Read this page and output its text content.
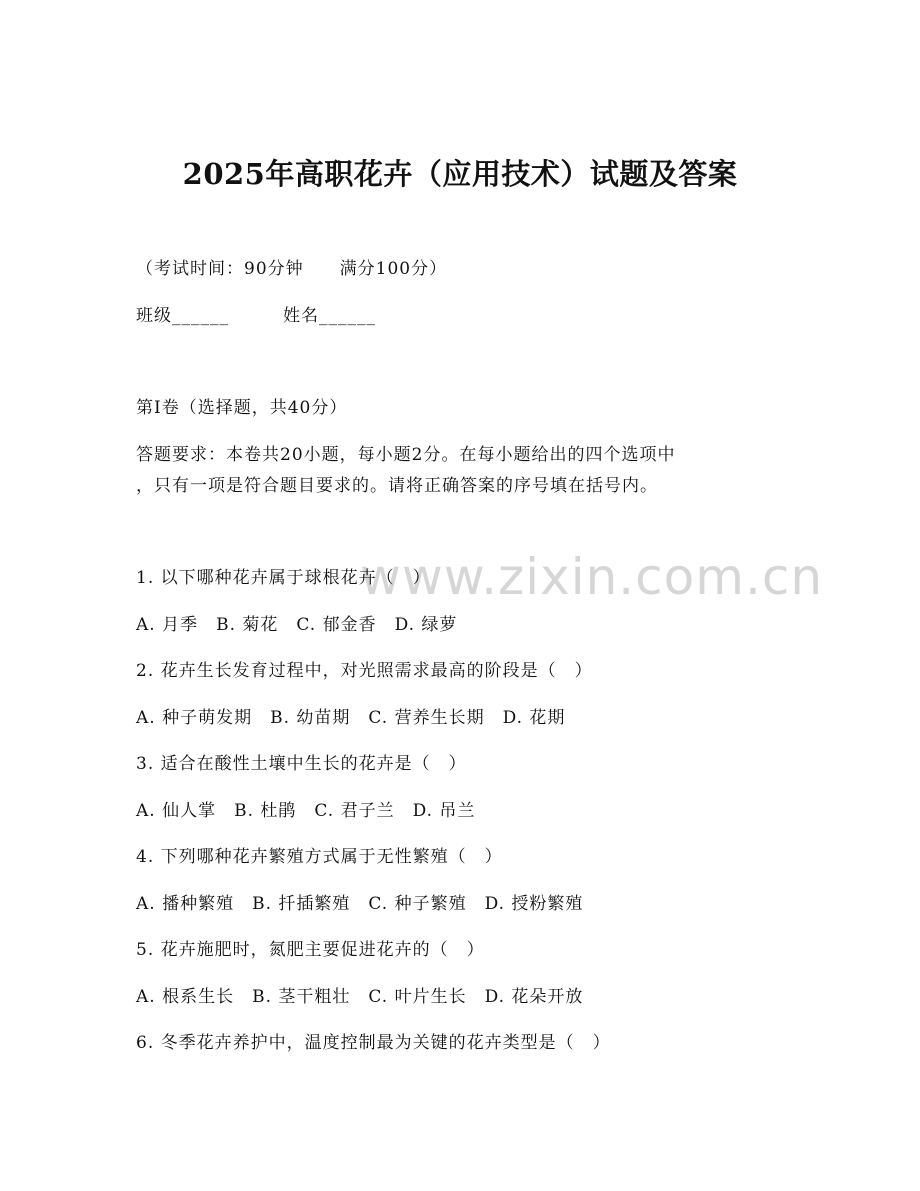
2025年高职花卉（应用技术）试题及答案
（考试时间：90分钟　　满分100分）
班级______　　　姓名______
第I卷（选择题，共40分）
答题要求：本卷共20小题，每小题2分。在每小题给出的四个选项中
，只有一项是符合题目要求的。请将正确答案的序号填在括号内。
www.zixin.com.cn
1. 以下哪种花卉属于球根花卉（　）
A. 月季　B. 菊花　C. 郁金香　D. 绿萝
2. 花卉生长发育过程中，对光照需求最高的阶段是（　）
A. 种子萌发期　B. 幼苗期　C. 营养生长期　D. 花期
3. 适合在酸性土壤中生长的花卉是（　）
A. 仙人掌　B. 杜鹃　C. 君子兰　D. 吊兰
4. 下列哪种花卉繁殖方式属于无性繁殖（　）
A. 播种繁殖　B. 扦插繁殖　C. 种子繁殖　D. 授粉繁殖
5. 花卉施肥时，氮肥主要促进花卉的（　）
A. 根系生长　B. 茎干粗壮　C. 叶片生长　D. 花朵开放
6. 冬季花卉养护中，温度控制最为关键的花卉类型是（　）
